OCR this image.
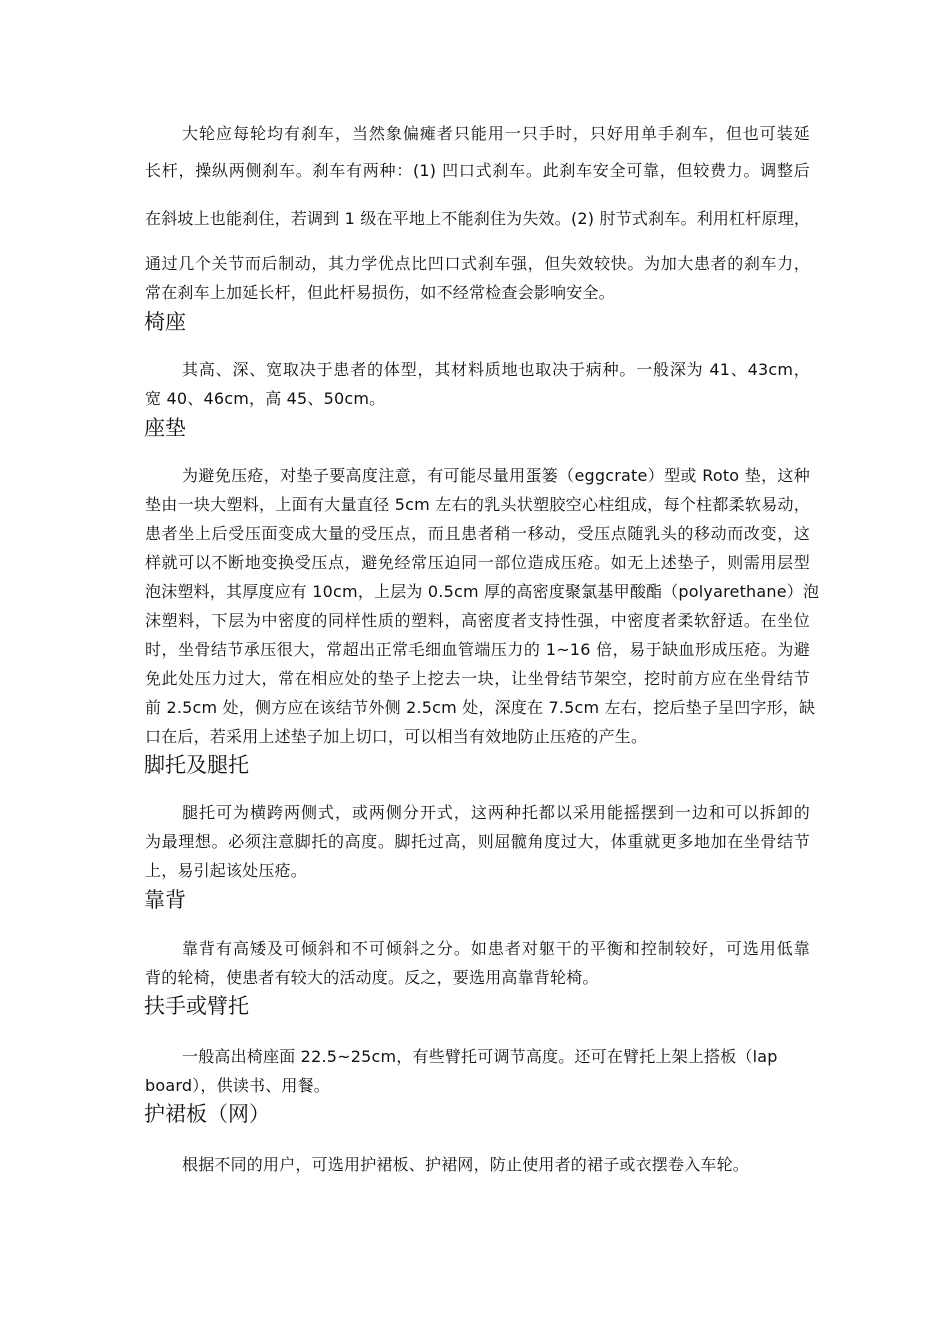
大轮应每轮均有刹车，当然象偏瘫者只能用一只手时，只好用单手刹车，但也可装延
长杆，操纵两侧刹车。刹车有两种：(1) 凹口式刹车。此刹车安全可靠，但较费力。调整后
在斜坡上也能刹住，若调到 1 级在平地上不能刹住为失效。(2) 肘节式刹车。利用杠杆原理，
通过几个关节而后制动，其力学优点比凹口式刹车强，但失效较快。为加大患者的刹车力，
常在刹车上加延长杆，但此杆易损伤，如不经常检查会影响安全。
椅座
其高、深、宽取决于患者的体型，其材料质地也取决于病种。一般深为 41、43cm，
宽 40、46cm，高 45、50cm。
座垫
为避免压疮，对垫子要高度注意，有可能尽量用蛋篓（eggcrate）型或 Roto 垫，这种
垫由一块大塑料，上面有大量直径 5cm 左右的乳头状塑胶空心柱组成，每个柱都柔软易动，
患者坐上后受压面变成大量的受压点，而且患者稍一移动，受压点随乳头的移动而改变，这
样就可以不断地变换受压点，避免经常压迫同一部位造成压疮。如无上述垫子，则需用层型
泡沫塑料，其厚度应有 10cm，上层为 0.5cm 厚的高密度聚氯基甲酸酯（polyarethane）泡
沫塑料，下层为中密度的同样性质的塑料，高密度者支持性强，中密度者柔软舒适。在坐位
时，坐骨结节承压很大，常超出正常毛细血管端压力的 1~16 倍，易于缺血形成压疮。为避
免此处压力过大，常在相应处的垫子上挖去一块，让坐骨结节架空，挖时前方应在坐骨结节
前 2.5cm 处，侧方应在该结节外侧 2.5cm 处，深度在 7.5cm 左右，挖后垫子呈凹字形，缺
口在后，若采用上述垫子加上切口，可以相当有效地防止压疮的产生。
脚托及腿托
腿托可为横跨两侧式，或两侧分开式，这两种托都以采用能摇摆到一边和可以拆卸的
为最理想。必须注意脚托的高度。脚托过高，则屈髋角度过大，体重就更多地加在坐骨结节
上，易引起该处压疮。
靠背
靠背有高矮及可倾斜和不可倾斜之分。如患者对躯干的平衡和控制较好，可选用低靠
背的轮椅，使患者有较大的活动度。反之，要选用高靠背轮椅。
扶手或臂托
一般高出椅座面 22.5~25cm，有些臂托可调节高度。还可在臂托上架上搭板（lap
board），供读书、用餐。
护裙板（网）
根据不同的用户，可选用护裙板、护裙网，防止使用者的裙子或衣摆卷入车轮。
